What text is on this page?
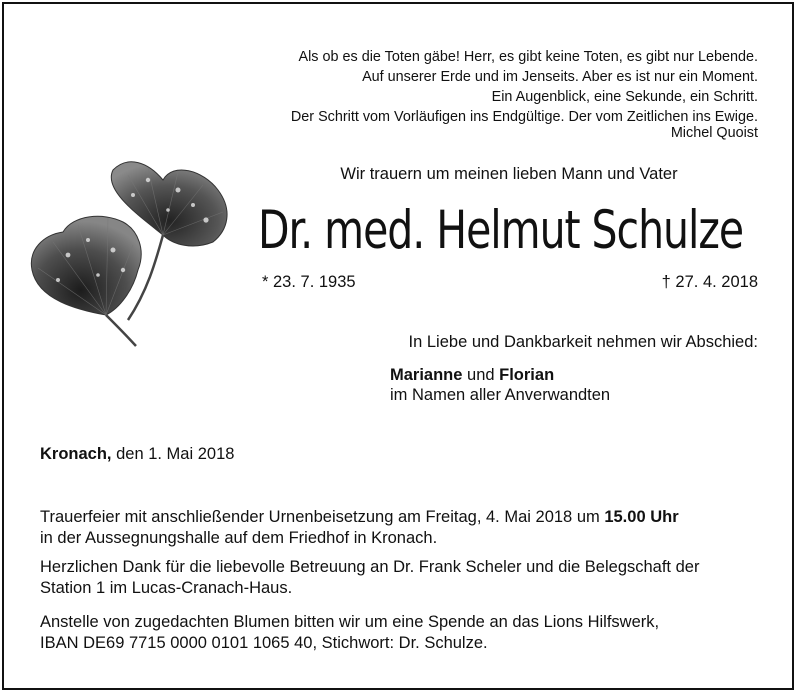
Als ob es die Toten gäbe! Herr, es gibt keine Toten, es gibt nur Lebende.
Auf unserer Erde und im Jenseits. Aber es ist nur ein Moment.
Ein Augenblick, eine Sekunde, ein Schritt.
Der Schritt vom Vorläufigen ins Endgültige. Der vom Zeitlichen ins Ewige.
Michel Quoist
Wir trauern um meinen lieben Mann und Vater
Dr. med. Helmut Schulze
* 23. 7. 1935	† 27. 4. 2018
In Liebe und Dankbarkeit nehmen wir Abschied:
Marianne und Florian
im Namen aller Anverwandten
Kronach, den 1. Mai 2018
Trauerfeier mit anschließender Urnenbeisetzung am Freitag, 4. Mai 2018 um 15.00 Uhr
in der Aussegnungshalle auf dem Friedhof in Kronach.
Herzlichen Dank für die liebevolle Betreuung an Dr. Frank Scheler und die Belegschaft der
Station 1 im Lucas-Cranach-Haus.
Anstelle von zugedachten Blumen bitten wir um eine Spende an das Lions Hilfswerk,
IBAN DE69 7715 0000 0101 1065 40, Stichwort: Dr. Schulze.
